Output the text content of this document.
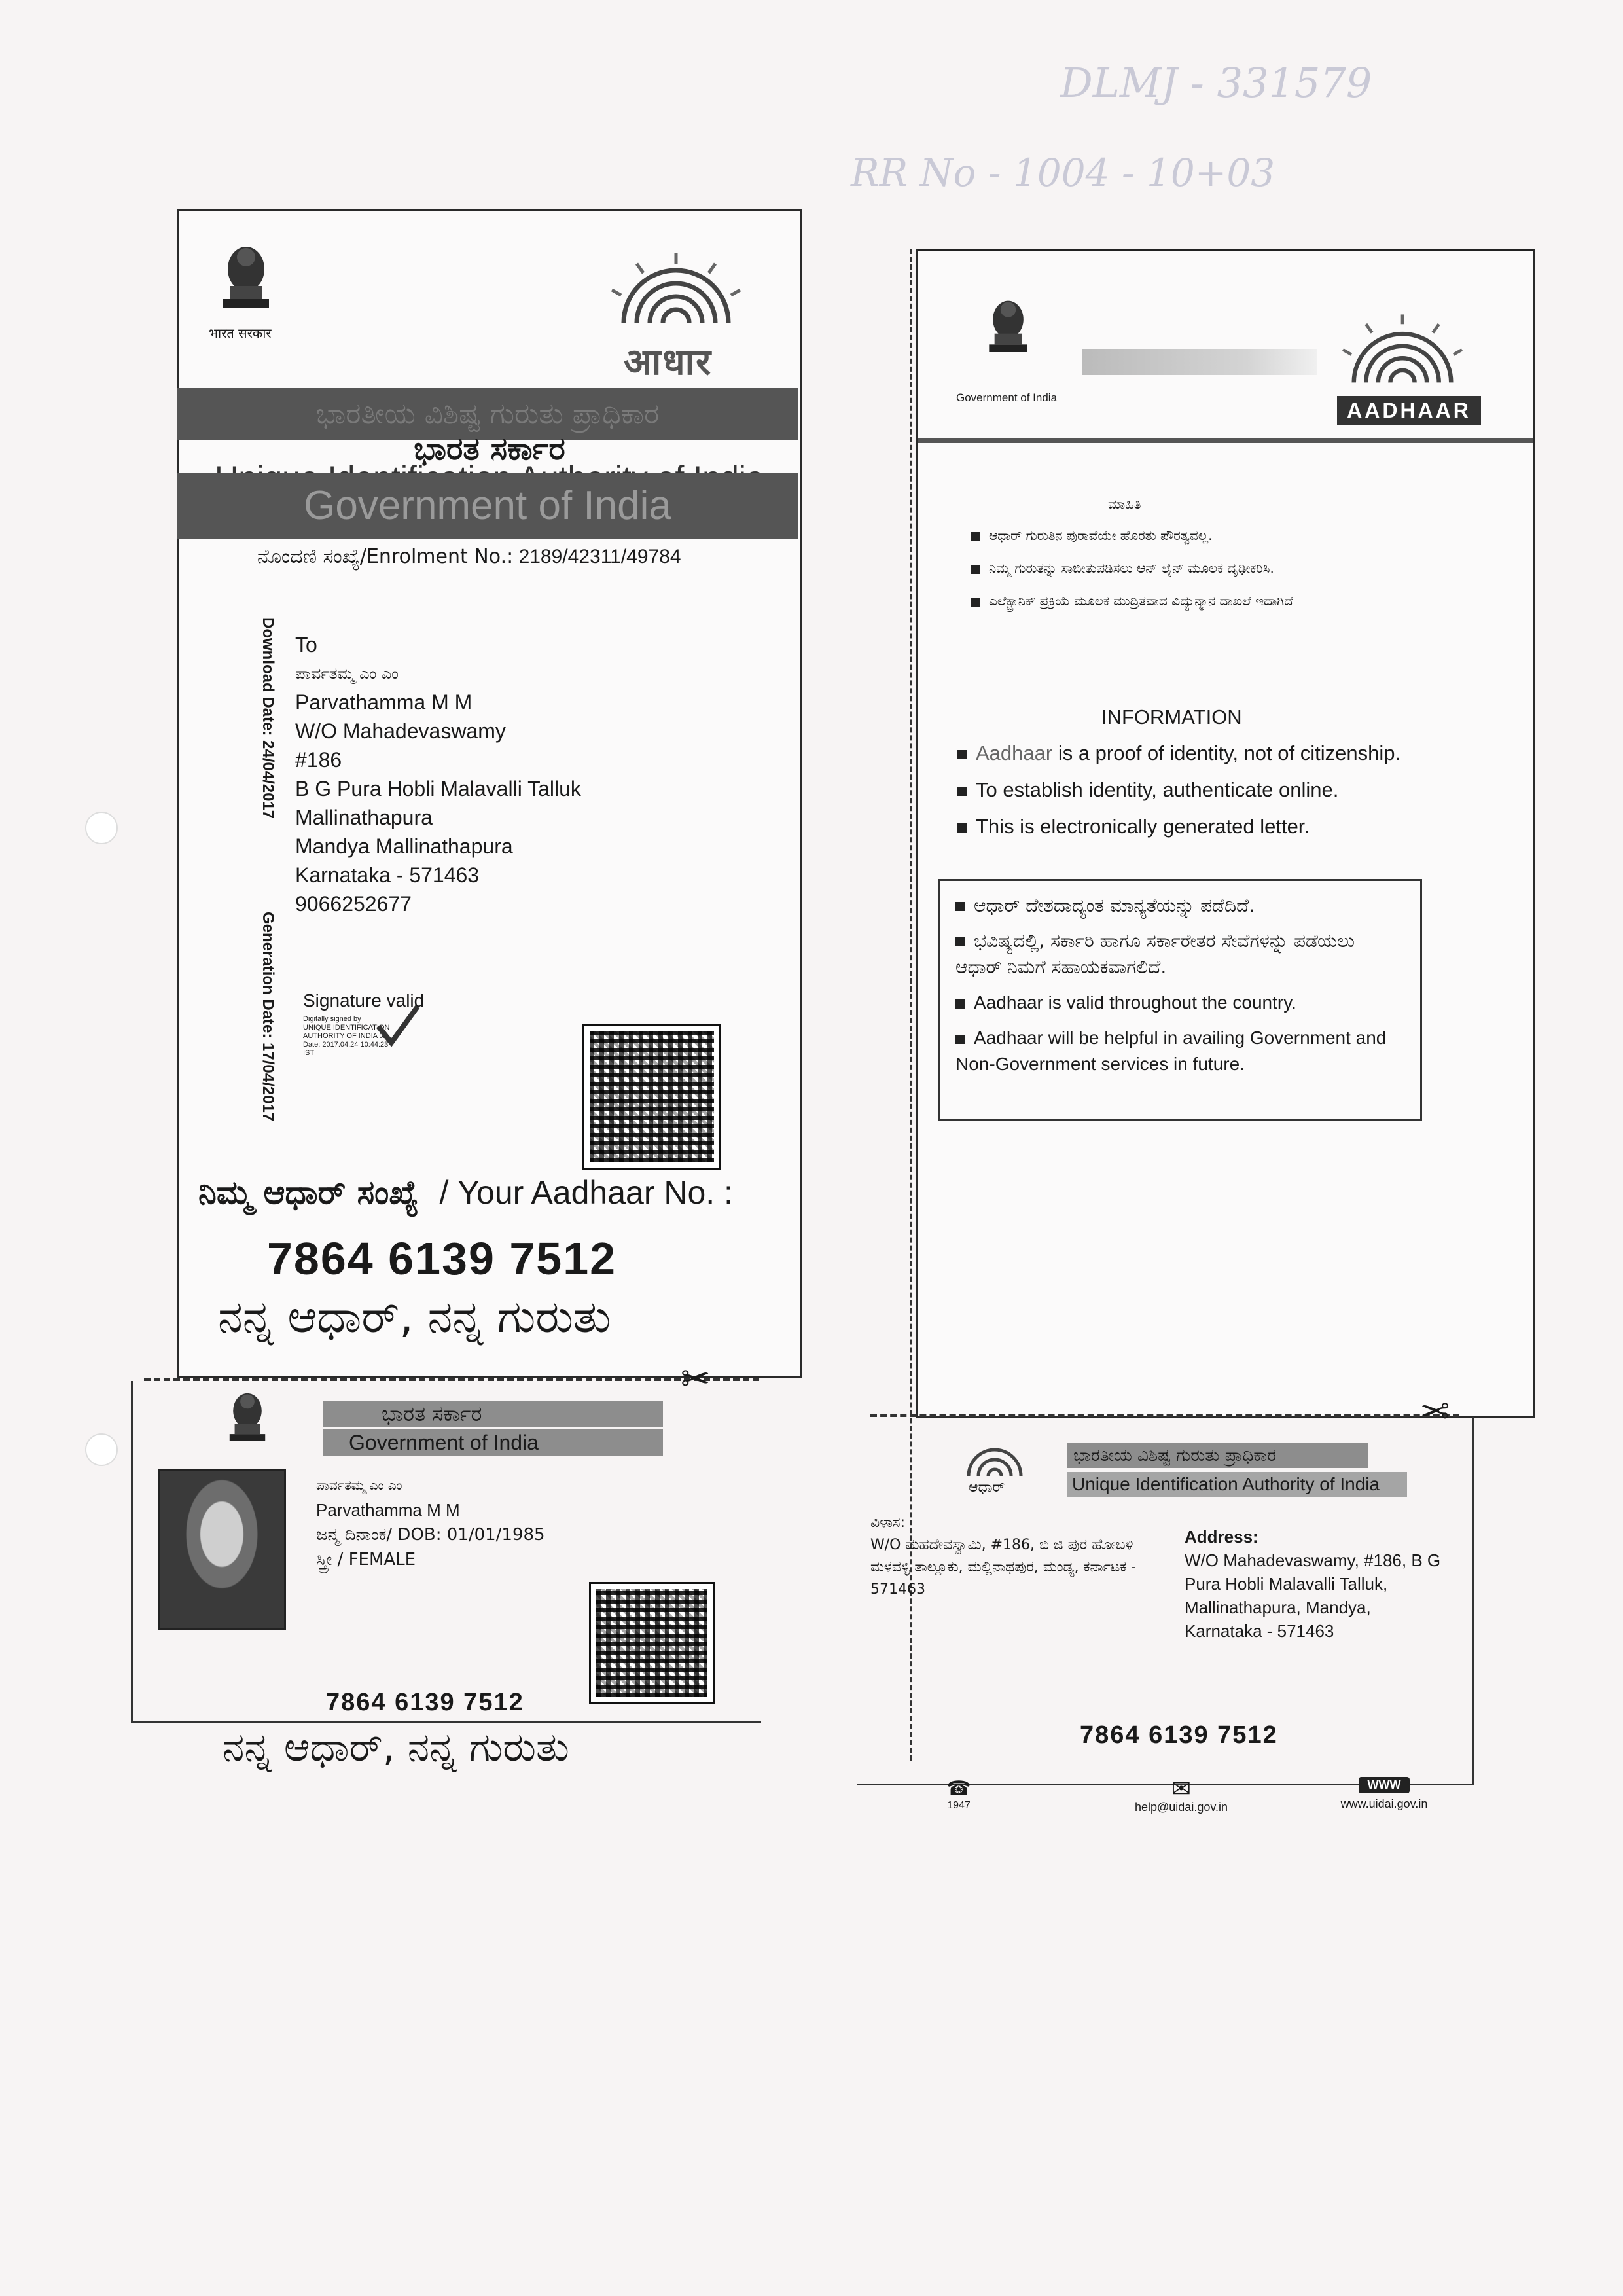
DLMJ - 331579
RR No - 1004 - 10+03
भारत सरकार
आधार
ಭಾರತೀಯ ವಿಶಿಷ್ಟ ಗುರುತು ಪ್ರಾಧಿಕಾರ
ಭಾರತ ಸರ್ಕಾರ
Government of India
ನೊಂದಣಿ ಸಂಖ್ಯೆ/Enrolment No.: 2189/42311/49784
Download Date: 24/04/2017
Generation Date: 17/04/2017
To
ಪಾರ್ವತಮ್ಮ ಎಂ ಎಂ
Parvathamma M M
W/O Mahadevaswamy
#186
B G Pura Hobli Malavalli Talluk
Mallinathapura
Mandya Mallinathapura
Karnataka - 571463
9066252677
Signature valid
Digitally signed by
UNIQUE IDENTIFICATION
AUTHORITY OF INDIA 02
Date: 2017.04.24 10:44:23
IST
ನಿಮ್ಮ ಆಧಾರ್ ಸಂಖ್ಯೆ / Your Aadhaar No. :
7864 6139 7512
ನನ್ನ ಆಧಾರ್, ನನ್ನ ಗುರುತು
✂
ಭಾರತ ಸರ್ಕಾರ
Government of India
ಪಾರ್ವತಮ್ಮ ಎಂ ಎಂ
Parvathamma M M
ಜನ್ಮ ದಿನಾಂಕ/ DOB: 01/01/1985
ಸ್ತ್ರೀ / FEMALE
7864 6139 7512
ನನ್ನ ಆಧಾರ್, ನನ್ನ ಗುರುತು
Government of India
AADHAAR
ಮಾಹಿತಿ
ಆಧಾರ್ ಗುರುತಿನ ಪುರಾವೆಯೇ ಹೊರತು ಪೌರತ್ವವಲ್ಲ.
ನಿಮ್ಮ ಗುರುತನ್ನು ಸಾಬೀತುಪಡಿಸಲು ಆನ್ ಲೈನ್ ಮೂಲಕ ದೃಢೀಕರಿಸಿ.
ಎಲೆಕ್ಟ್ರಾನಿಕ್ ಪ್ರಕ್ರಿಯೆ ಮೂಲಕ ಮುದ್ರಿತವಾದ ವಿದ್ಯುನ್ಮಾನ ದಾಖಲೆ ಇದಾಗಿದೆ
INFORMATION
Aadhaar is a proof of identity, not of citizenship.
To establish identity, authenticate online.
This is electronically generated letter.
ಆಧಾರ್ ದೇಶದಾದ್ಯಂತ ಮಾನ್ಯತೆಯನ್ನು ಪಡೆದಿದೆ.
ಭವಿಷ್ಯದಲ್ಲಿ, ಸರ್ಕಾರಿ ಹಾಗೂ ಸರ್ಕಾರೇತರ ಸೇವೆಗಳನ್ನು ಪಡೆಯಲು ಆಧಾರ್ ನಿಮಗೆ ಸಹಾಯಕವಾಗಲಿದೆ.
Aadhaar is valid throughout the country.
Aadhaar will be helpful in availing Government and Non-Government services in future.
✂
ಆಧಾರ್
ಭಾರತೀಯ ವಿಶಿಷ್ಟ ಗುರುತು ಪ್ರಾಧಿಕಾರ
Unique Identification Authority of India
ವಿಳಾಸ:
W/O ಮಹದೇವಸ್ವಾಮಿ, #186, ಬಿ ಜಿ ಪುರ ಹೋಬಳಿ ಮಳವಳ್ಳಿ ತಾಲ್ಲೂಕು, ಮಲ್ಲಿನಾಥಪುರ, ಮಂಡ್ಯ, ಕರ್ನಾಟಕ - 571463
Address:
W/O Mahadevaswamy, #186, B G Pura Hobli Malavalli Talluk, Mallinathapura, Mandya, Karnataka - 571463
7864 6139 7512
☎
1947
✉
help@uidai.gov.in
WWW
www.uidai.gov.in
